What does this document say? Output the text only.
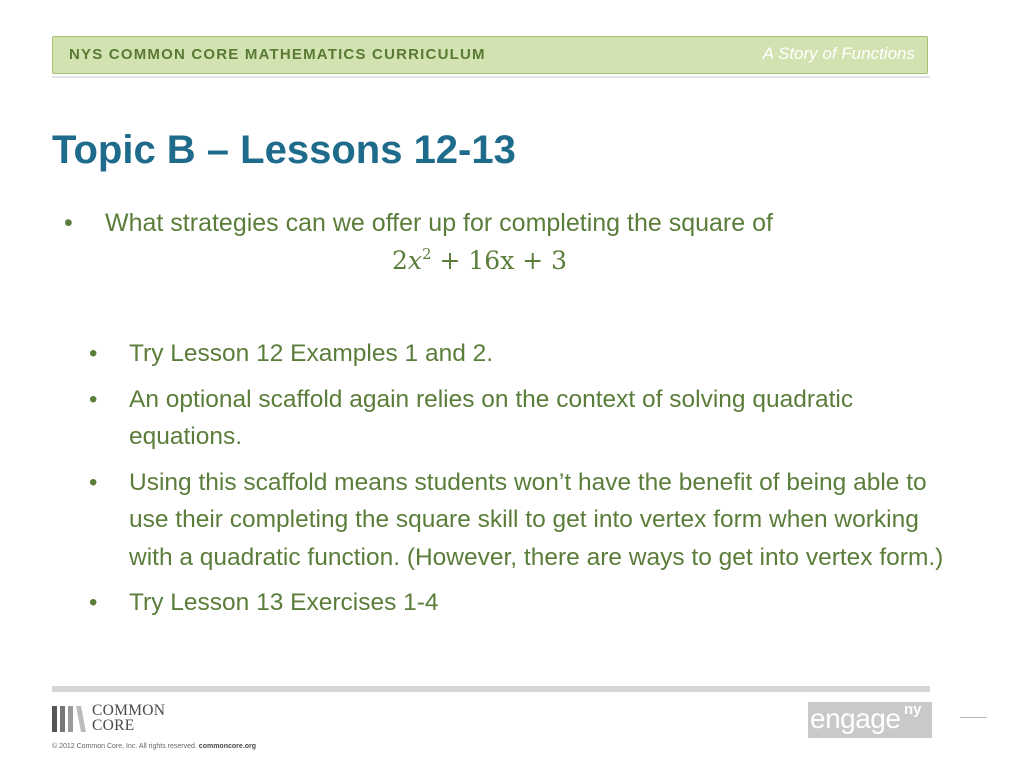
NYS COMMON CORE MATHEMATICS CURRICULUM	A Story of Functions
Topic B – Lessons 12-13
• What strategies can we offer up for completing the square of
$2x^2 + 16x + 3$
• Try Lesson 12 Examples 1 and 2.
• An optional scaffold again relies on the context of solving quadratic equations.
• Using this scaffold means students won’t have the benefit of being able to use their completing the square skill to get into vertex form when working with a quadratic function. (However, there are ways to get into vertex form.)
• Try Lesson 13 Exercises 1-4
COMMON
CORE
© 2012 Common Core, Inc. All rights reserved. commoncore.org
engage ny
